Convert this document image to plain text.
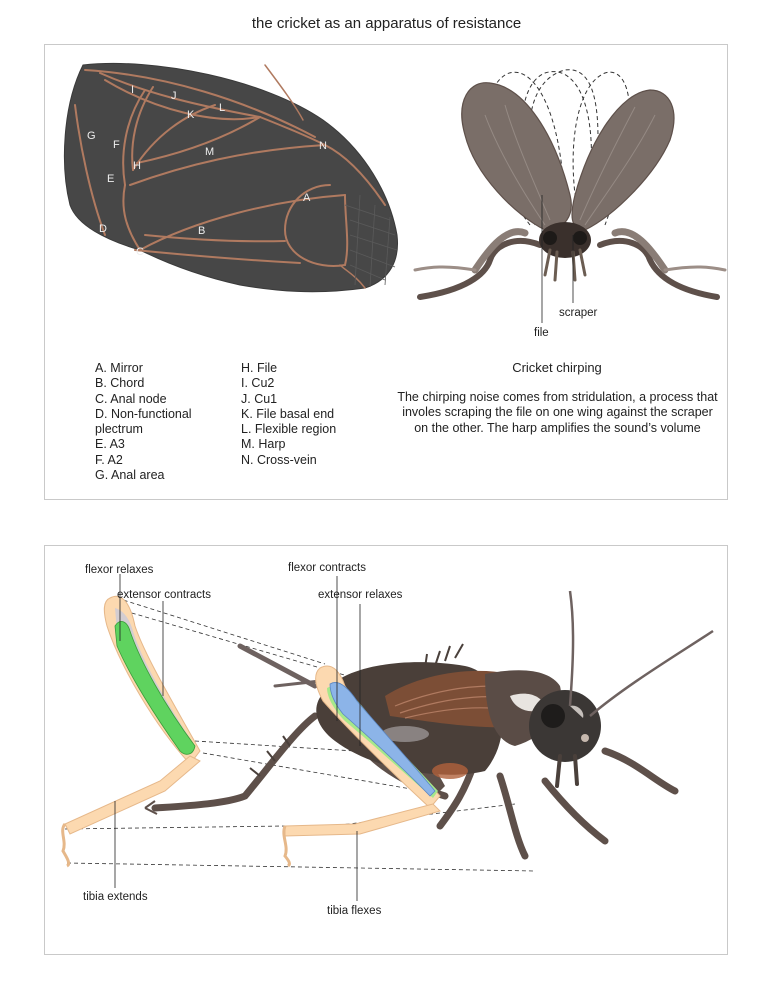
the cricket as an apparatus of resistance
I	J
K
L
G
F
H
M	N
E
A
D	B
C
scraper
file
A. Mirror
B. Chord
C. Anal node
D. Non-functional plectrum
E. A3
F. A2
G. Anal area
H. File
I. Cu2
J. Cu1
K. File basal end
L. Flexible region
M. Harp
N. Cross-vein
Cricket chirping
The chirping noise comes from stridulation, a process that involes scraping the file on one wing against the scraper on the other. The harp amplifies the sound’s volume
flexor relaxes
extensor contracts
flexor contracts
extensor relaxes
tibia extends
tibia flexes
